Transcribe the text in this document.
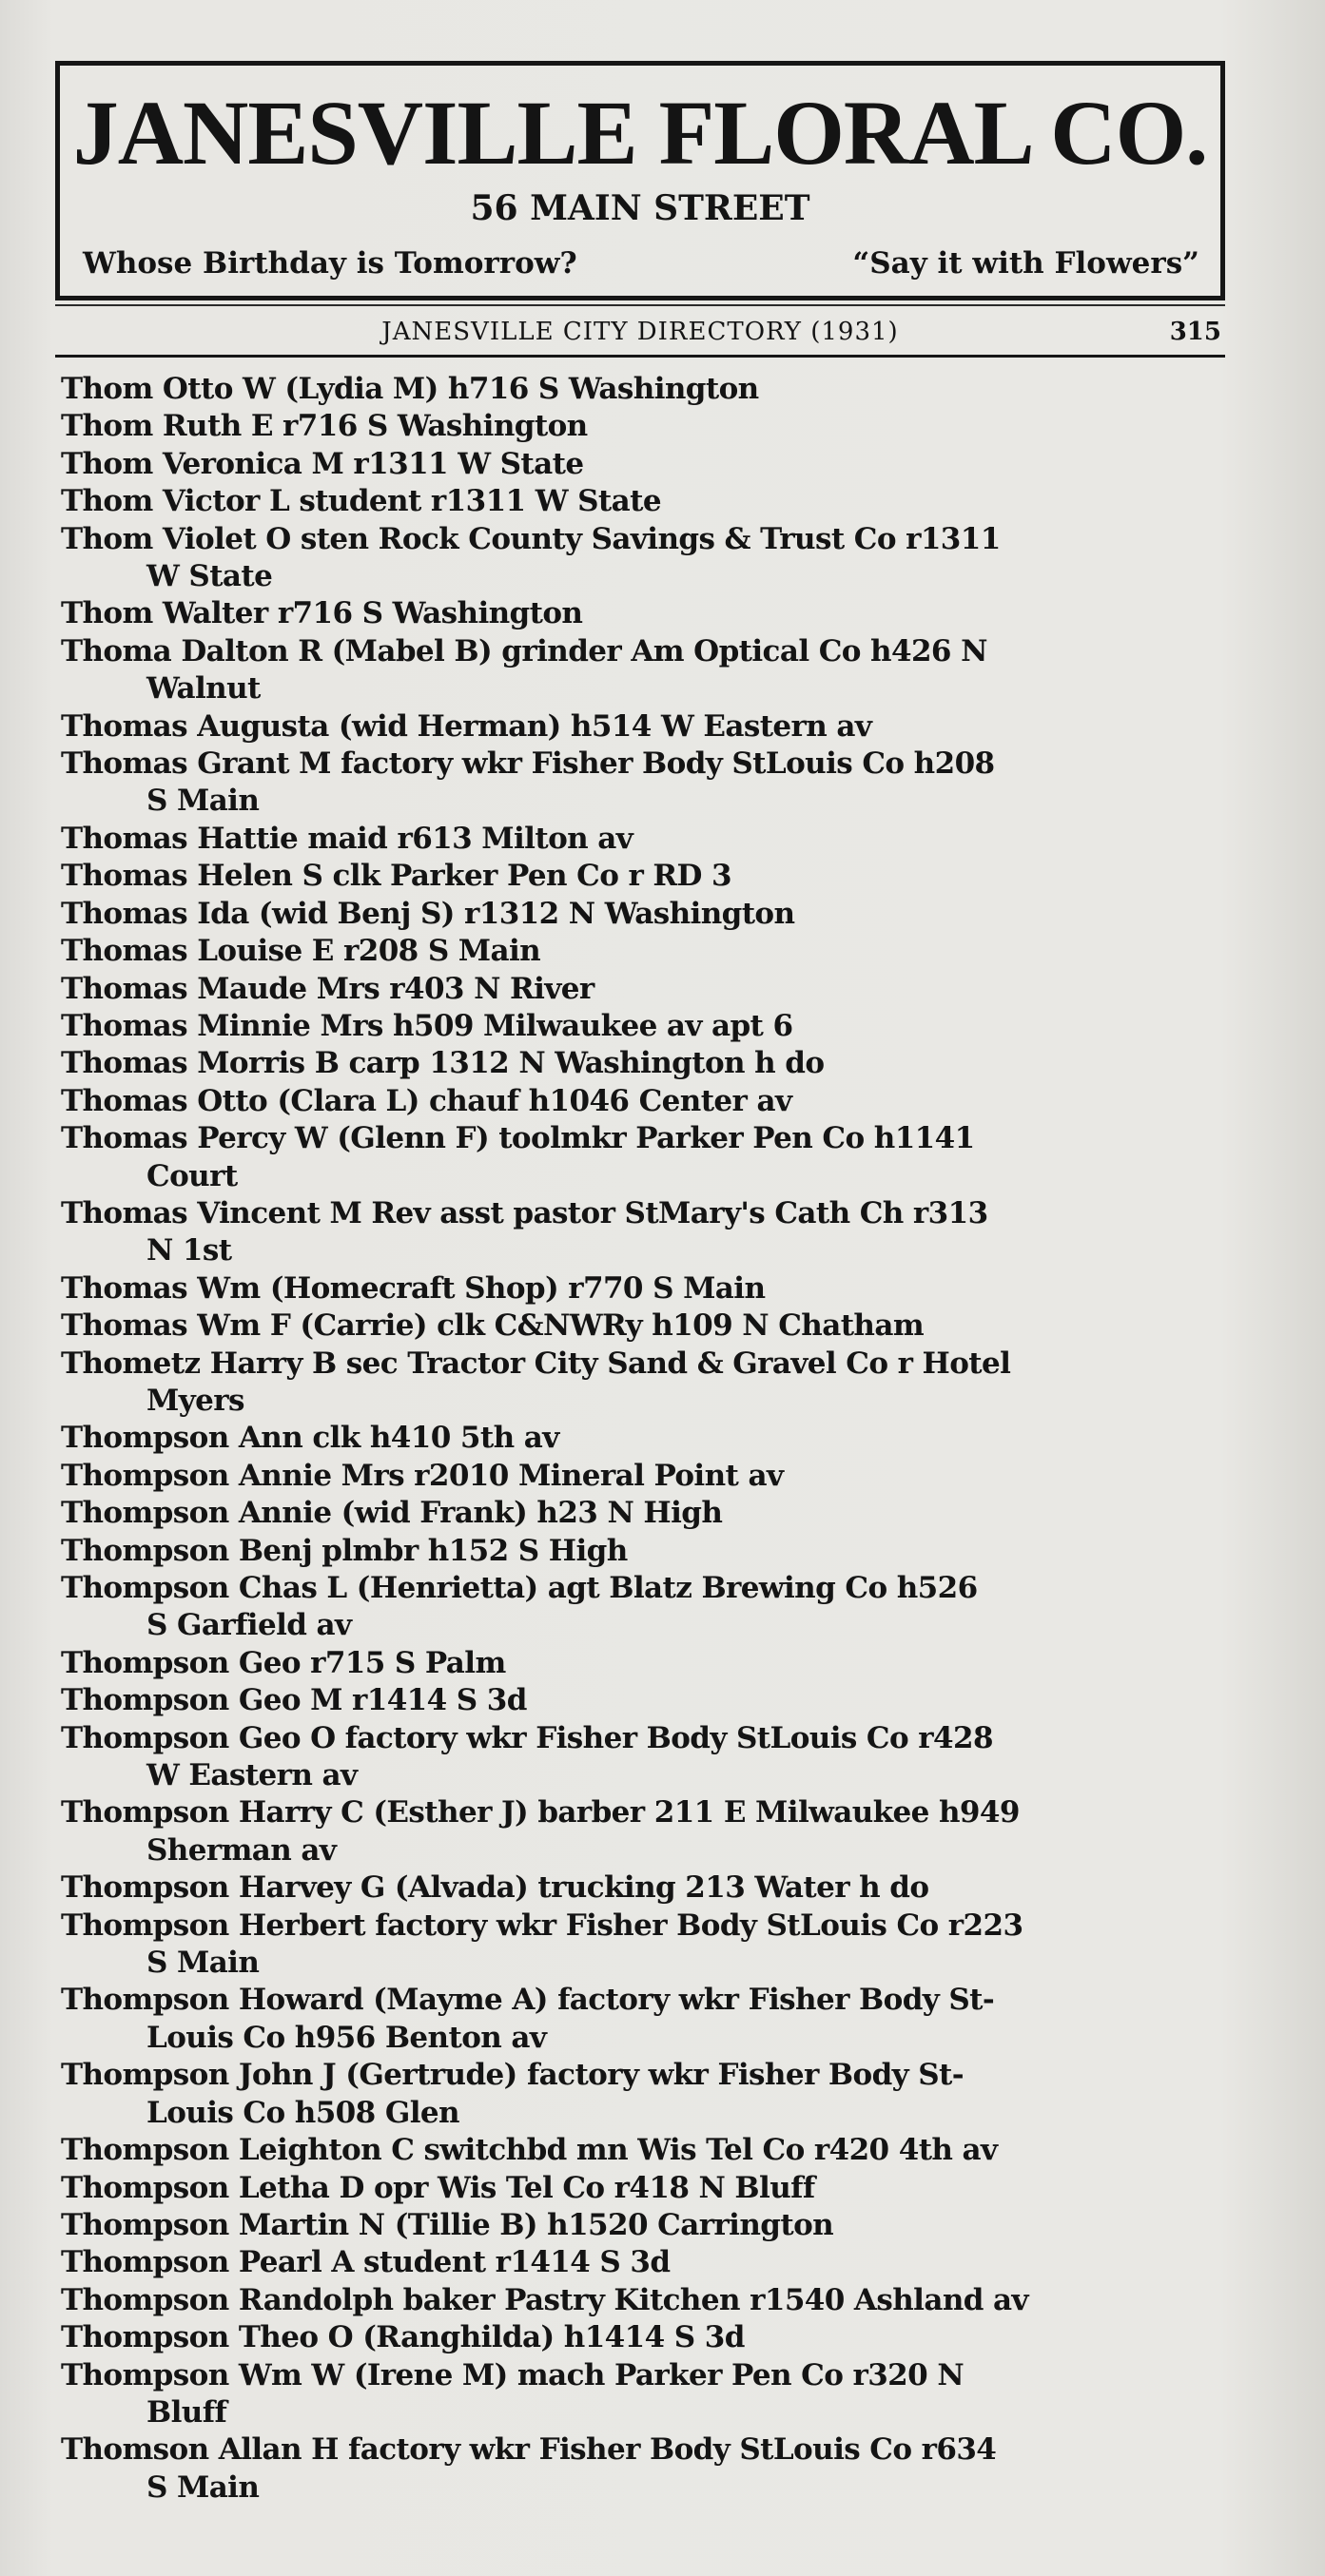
JANESVILLE FLORAL CO.
56 MAIN STREET
Whose Birthday is Tomorrow?	“Say it with Flowers”
JANESVILLE CITY DIRECTORY (1931)	315
Thom Otto W (Lydia M) h716 S Washington
Thom Ruth E r716 S Washington
Thom Veronica M r1311 W State
Thom Victor L student r1311 W State
Thom Violet O sten Rock County Savings & Trust Co r1311
W State
Thom Walter r716 S Washington
Thoma Dalton R (Mabel B) grinder Am Optical Co h426 N
Walnut
Thomas Augusta (wid Herman) h514 W Eastern av
Thomas Grant M factory wkr Fisher Body StLouis Co h208
S Main
Thomas Hattie maid r613 Milton av
Thomas Helen S clk Parker Pen Co r RD 3
Thomas Ida (wid Benj S) r1312 N Washington
Thomas Louise E r208 S Main
Thomas Maude Mrs r403 N River
Thomas Minnie Mrs h509 Milwaukee av apt 6
Thomas Morris B carp 1312 N Washington h do
Thomas Otto (Clara L) chauf h1046 Center av
Thomas Percy W (Glenn F) toolmkr Parker Pen Co h1141
Court
Thomas Vincent M Rev asst pastor StMary's Cath Ch r313
N 1st
Thomas Wm (Homecraft Shop) r770 S Main
Thomas Wm F (Carrie) clk C&NWRy h109 N Chatham
Thometz Harry B sec Tractor City Sand & Gravel Co r Hotel
Myers
Thompson Ann clk h410 5th av
Thompson Annie Mrs r2010 Mineral Point av
Thompson Annie (wid Frank) h23 N High
Thompson Benj plmbr h152 S High
Thompson Chas L (Henrietta) agt Blatz Brewing Co h526
S Garfield av
Thompson Geo r715 S Palm
Thompson Geo M r1414 S 3d
Thompson Geo O factory wkr Fisher Body StLouis Co r428
W Eastern av
Thompson Harry C (Esther J) barber 211 E Milwaukee h949
Sherman av
Thompson Harvey G (Alvada) trucking 213 Water h do
Thompson Herbert factory wkr Fisher Body StLouis Co r223
S Main
Thompson Howard (Mayme A) factory wkr Fisher Body St-
Louis Co h956 Benton av
Thompson John J (Gertrude) factory wkr Fisher Body St-
Louis Co h508 Glen
Thompson Leighton C switchbd mn Wis Tel Co r420 4th av
Thompson Letha D opr Wis Tel Co r418 N Bluff
Thompson Martin N (Tillie B) h1520 Carrington
Thompson Pearl A student r1414 S 3d
Thompson Randolph baker Pastry Kitchen r1540 Ashland av
Thompson Theo O (Ranghilda) h1414 S 3d
Thompson Wm W (Irene M) mach Parker Pen Co r320 N
Bluff
Thomson Allan H factory wkr Fisher Body StLouis Co r634
S Main
